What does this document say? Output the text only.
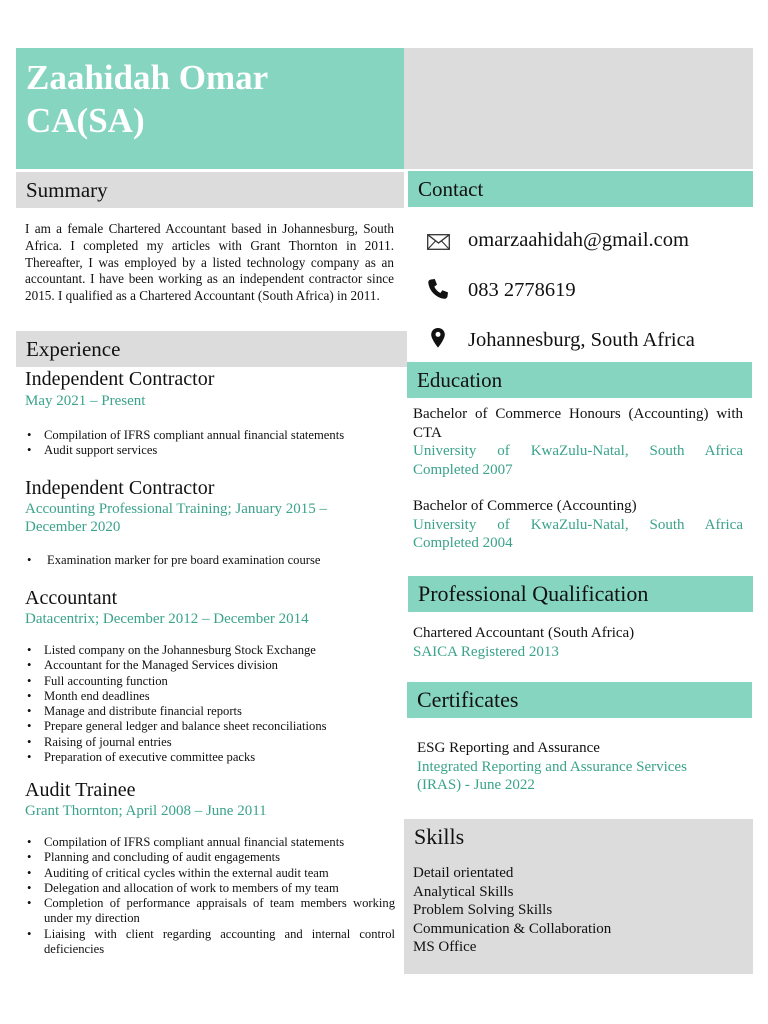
Zaahidah Omar
CA(SA)
Summary
I am a female Chartered Accountant based in Johannesburg, South Africa. I completed my articles with Grant Thornton in 2011. Thereafter, I was employed by a listed technology company as an accountant. I have been working as an independent contractor since 2015. I qualified as a Chartered Accountant (South Africa) in 2011.
Experience
Independent Contractor
May 2021 – Present
• Compilation of IFRS compliant annual financial statements
• Audit support services
Independent Contractor
Accounting Professional Training; January 2015 – December 2020
• Examination marker for pre board examination course
Accountant
Datacentrix; December 2012 – December 2014
• Listed company on the Johannesburg Stock Exchange
• Accountant for the Managed Services division
• Full accounting function
• Month end deadlines
• Manage and distribute financial reports
• Prepare general ledger and balance sheet reconciliations
• Raising of journal entries
• Preparation of executive committee packs
Audit Trainee
Grant Thornton; April 2008 – June 2011
• Compilation of IFRS compliant annual financial statements
• Planning and concluding of audit engagements
• Auditing of critical cycles within the external audit team
• Delegation and allocation of work to members of my team
• Completion of performance appraisals of team members working under my direction
• Liaising with client regarding accounting and internal control deficiencies
Contact
omarzaahidah@gmail.com
083 2778619
Johannesburg, South Africa
Education
Bachelor of Commerce Honours (Accounting) with CTA
University of KwaZulu-Natal, South Africa
Completed 2007
Bachelor of Commerce (Accounting)
University of KwaZulu-Natal, South Africa
Completed 2004
Professional Qualification
Chartered Accountant (South Africa)
SAICA Registered 2013
Certificates
ESG Reporting and Assurance
Integrated Reporting and Assurance Services
(IRAS) - June 2022
Skills
Detail orientated
Analytical Skills
Problem Solving Skills
Communication & Collaboration
MS Office
